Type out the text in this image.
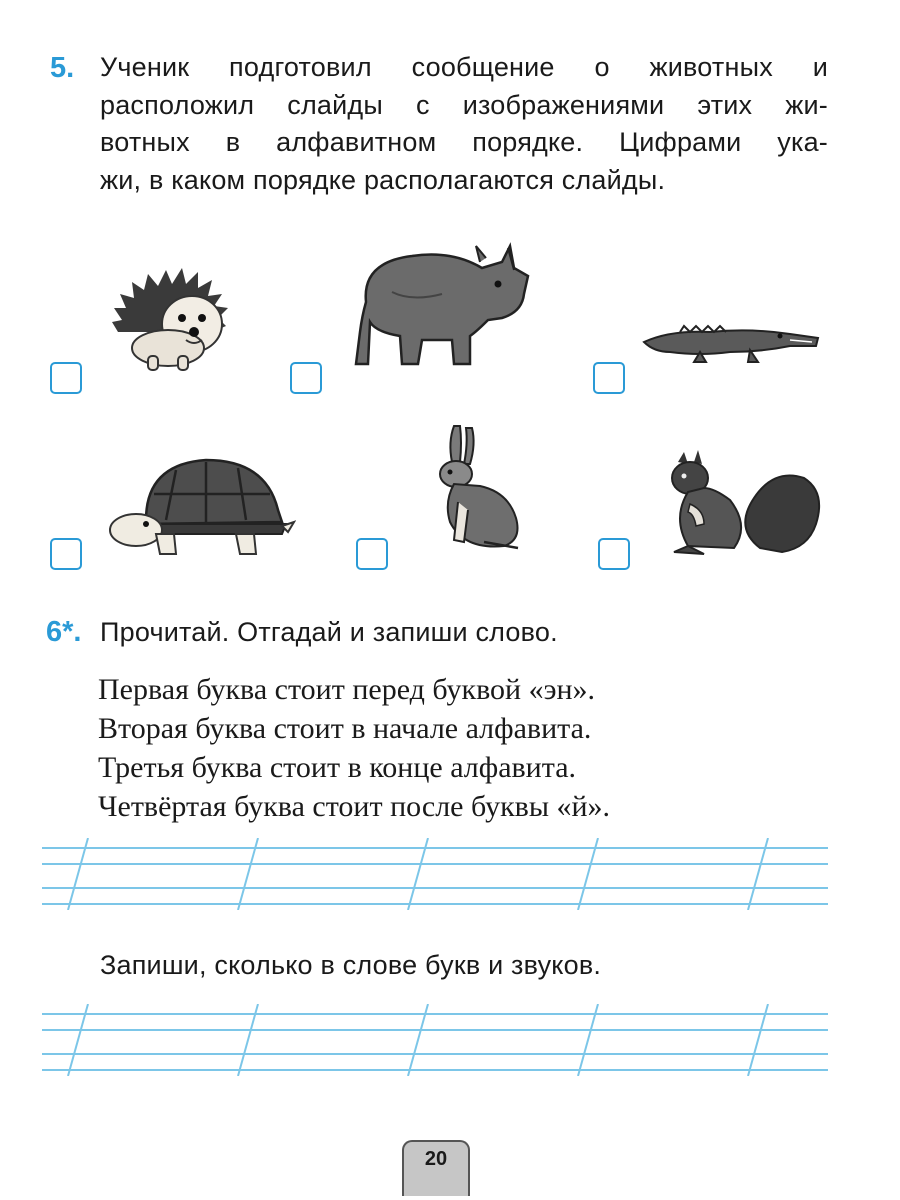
5. Ученик подготовил сообщение о животных и
расположил слайды с изображениями этих жи-
вотных в алфавитном порядке. Цифрами ука-
жи, в каком порядке располагаются слайды.
6*. Прочитай. Отгадай и запиши слово.
Первая буква стоит перед буквой «эн».
Вторая буква стоит в начале алфавита.
Третья буква стоит в конце алфавита.
Четвёртая буква стоит после буквы «й».
Запиши, сколько в слове букв и звуков.
20
